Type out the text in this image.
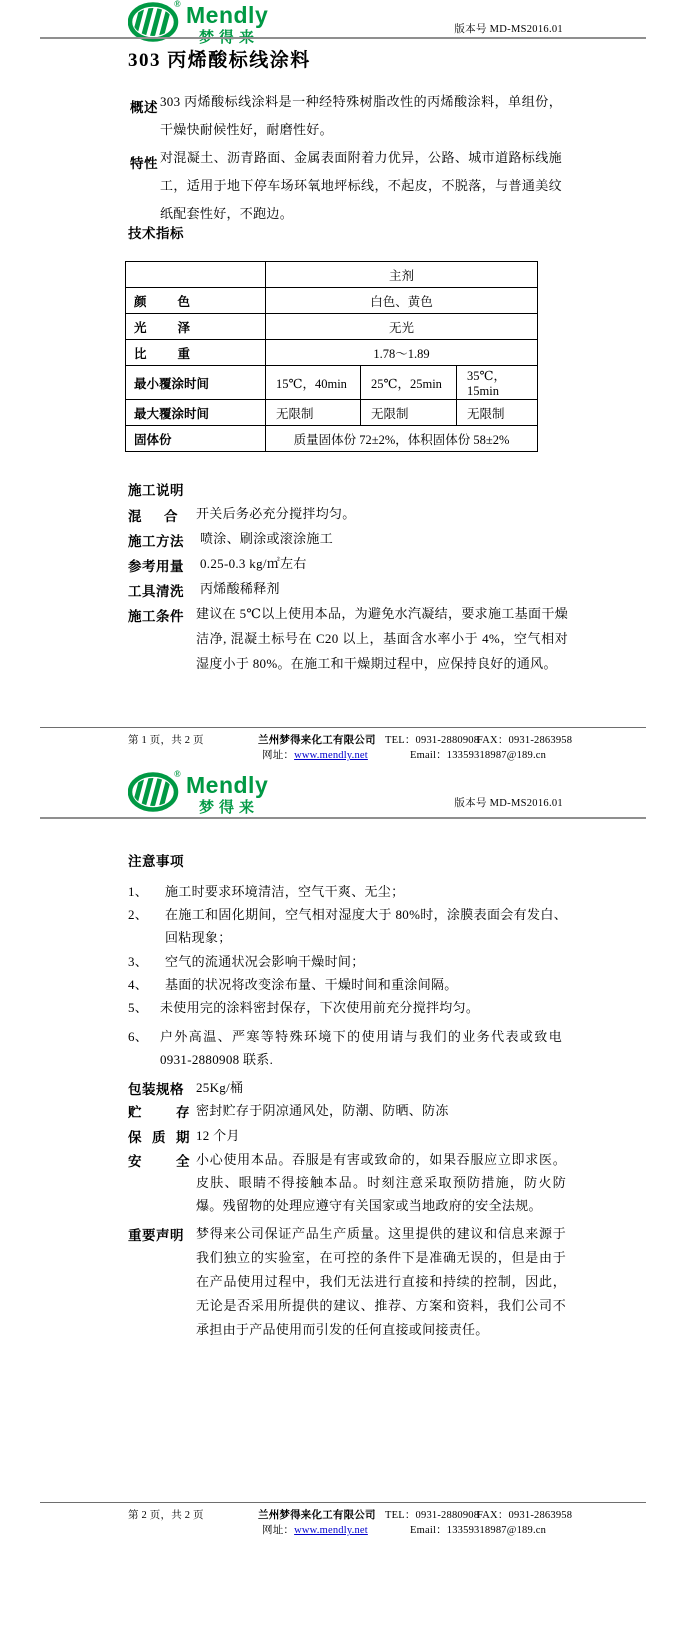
® Mendly
梦得来
版本号 MD-MS2016.01
303 丙烯酸标线涂料
概述 303 丙烯酸标线涂料是一种经特殊树脂改性的丙烯酸涂料，单组份，干燥快耐候性好，耐磨性好。
特性 对混凝土、沥青路面、金属表面附着力优异，公路、城市道路标线施工，适用于地下停车场环氧地坪标线，不起皮，不脱落，与普通美纹纸配套性好，不跑边。
技术指标
	主剂		
颜 色	白色、黄色		
光 泽	无光		
比 重	1.78～1.89		
最小覆涂时间	15℃，40min	25℃，25min	35℃，15min
最大覆涂时间	无限制	无限制	无限制
固体份	质量固体份 72±2%，体积固体份 58±2%		
施工说明
混 合 开关后务必充分搅拌均匀。
施工方法 喷涂、刷涂或滚涂施工
参考用量 0.25-0.3 kg/㎡左右
工具清洗 丙烯酸稀释剂
施工条件 建议在 5℃以上使用本品，为避免水汽凝结，要求施工基面干燥洁净, 混凝土标号在 C20 以上，基面含水率小于 4%，空气相对湿度小于 80%。在施工和干燥期过程中，应保持良好的通风。
第 1 页，共 2 页	兰州梦得来化工有限公司 TEL：0931-2880908
FAX：0931-2863958
网址：www.mendly.net	Email：13359318987@189.cn
® Mendly
梦得来	版本号 MD-MS2016.01
注意事项
1、 施工时要求环境清洁，空气干爽、无尘；
2、 在施工和固化期间，空气相对湿度大于 80%时，涂膜表面会有发白、回粘现象；
3、 空气的流通状况会影响干燥时间；
4、 基面的状况将改变涂布量、干燥时间和重涂间隔。
5、 未使用完的涂料密封保存，下次使用前充分搅拌均匀。
6、 户外高温、严寒等特殊环境下的使用请与我们的业务代表或致电 0931-2880908 联系.
包装规格 25Kg/桶
贮 存 密封贮存于阴凉通风处，防潮、防晒、防冻
保 质 期 12 个月
安 全 小心使用本品。吞服是有害或致命的，如果吞服应立即求医。皮肤、眼睛不得接触本品。时刻注意采取预防措施，防火防爆。残留物的处理应遵守有关国家或当地政府的安全法规。
重要声明 梦得来公司保证产品生产质量。这里提供的建议和信息来源于我们独立的实验室，在可控的条件下是准确无误的，但是由于在产品使用过程中，我们无法进行直接和持续的控制，因此，无论是否采用所提供的建议、推荐、方案和资料，我们公司不承担由于产品使用而引发的任何直接或间接责任。
第 2 页，共 2 页	兰州梦得来化工有限公司 TEL：0931-2880908
FAX：0931-2863958
网址：www.mendly.net	Email：13359318987@189.cn
